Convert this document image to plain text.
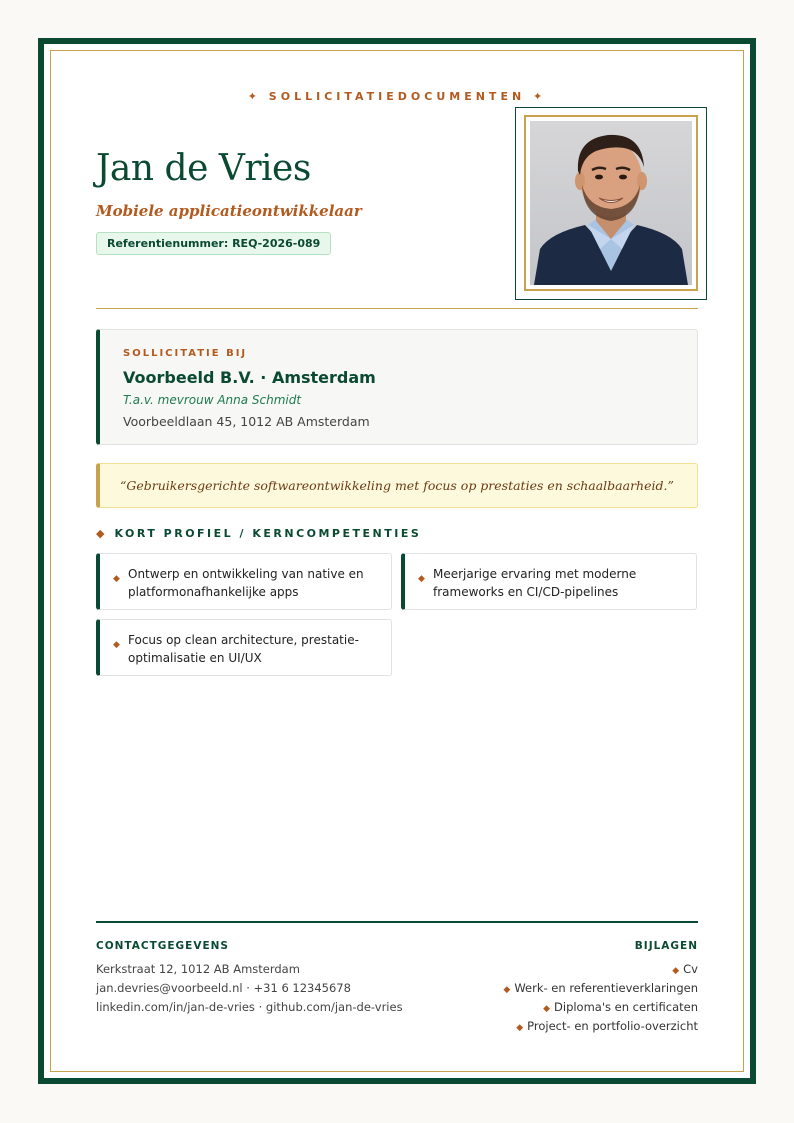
✦ SOLLICITATIEDOCUMENTEN ✦
Jan de Vries
Mobiele applicatieontwikkelaar
Referentienummer: REQ-2026-089
SOLLICITATIE BIJ
Voorbeeld B.V. · Amsterdam
T.a.v. mevrouw Anna Schmidt
Voorbeeldlaan 45, 1012 AB Amsterdam
“Gebruikersgerichte softwareontwikkeling met focus op prestaties en schaalbaarheid.”
◆ KORT PROFIEL / KERNCOMPETENTIES
◆ Ontwerp en ontwikkeling van native en platformonafhankelijke apps
◆ Meerjarige ervaring met moderne frameworks en CI/CD-pipelines
◆ Focus op clean architecture, prestatie-optimalisatie en UI/UX
CONTACTGEGEVENS
Kerkstraat 12, 1012 AB Amsterdam
jan.devries@voorbeeld.nl · +31 6 12345678
linkedin.com/in/jan-de-vries · github.com/jan-de-vries
BIJLAGEN
◆ Cv
◆ Werk- en referentieverklaringen
◆ Diploma's en certificaten
◆ Project- en portfolio-overzicht
